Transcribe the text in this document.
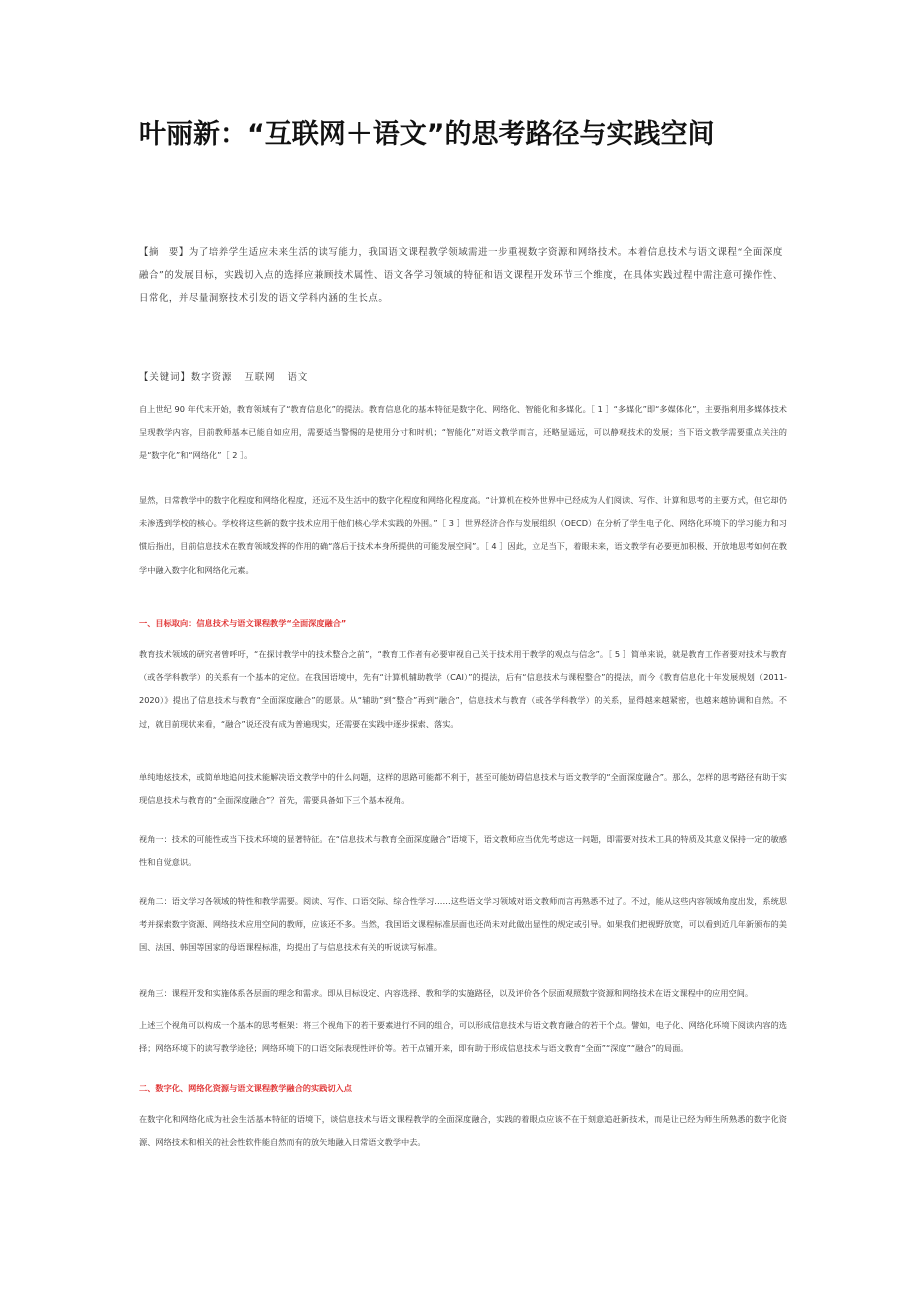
叶丽新：“互联网＋语文”的思考路径与实践空间

【摘　要】为了培养学生适应未来生活的读写能力，我国语文课程教学领域需进一步重视数字资源和网络技术。本着信息技术与语文课程“全面深度融合”的发展目标，实践切入点的选择应兼顾技术属性、语文各学习领域的特征和语文课程开发环节三个维度，在具体实践过程中需注意可操作性、日常化，并尽量洞察技术引发的语文学科内涵的生长点。

【关键词】数字资源 互联网 语文

自上世纪 90 年代末开始，教育领域有了“教育信息化”的提法。教育信息化的基本特征是数字化、网络化、智能化和多媒化。［ 1 ］“多媒化”即“多媒体化”，主要指利用多媒体技术呈现教学内容，目前教师基本已能自如应用，需要适当警惕的是使用分寸和时机；“智能化”对语文教学而言，还略显遥远，可以静观技术的发展；当下语文教学需要重点关注的是“数字化”和“网络化”［ 2 ］。

显然，日常教学中的数字化程度和网络化程度，还远不及生活中的数字化程度和网络化程度高。“计算机在校外世界中已经成为人们阅读、写作、计算和思考的主要方式，但它却仍未渗透到学校的核心。学校将这些新的数字技术应用于他们核心学术实践的外围。”［ 3 ］世界经济合作与发展组织（OECD）在分析了学生电子化、网络化环境下的学习能力和习惯后指出，目前信息技术在教育领域发挥的作用的确“落后于技术本身所提供的可能发展空间”。［ 4 ］因此，立足当下，着眼未来，语文教学有必要更加积极、开放地思考如何在教学中融入数字化和网络化元素。

一、目标取向：信息技术与语文课程教学“全面深度融合”

教育技术领域的研究者曾呼吁，“在探讨教学中的技术整合之前”，“教育工作者有必要审视自己关于技术用于教学的观点与信念”。［ 5 ］简单来说，就是教育工作者要对技术与教育（或各学科教学）的关系有一个基本的定位。在我国语境中，先有“计算机辅助教学（CAI）”的提法，后有“信息技术与课程整合”的提法，而今《教育信息化十年发展规划（2011-2020）》提出了信息技术与教育“全面深度融合”的愿景。从“辅助”到“整合”再到“融合”，信息技术与教育（或各学科教学）的关系，显得越来越紧密，也越来越协调和自然。不过，就目前现状来看，“融合”说还没有成为普遍现实，还需要在实践中逐步探索、落实。

单纯地炫技术，或简单地追问技术能解决语文教学中的什么问题，这样的思路可能都不利于，甚至可能妨碍信息技术与语文教学的“全面深度融合”。那么，怎样的思考路径有助于实现信息技术与教育的“全面深度融合”？首先，需要具备如下三个基本视角。

视角一：技术的可能性或当下技术环境的显著特征。在“信息技术与教育全面深度融合”语境下，语文教师应当优先考虑这一问题，即需要对技术工具的特质及其意义保持一定的敏感性和自觉意识。

视角二：语文学习各领域的特性和教学需要。阅读、写作、口语交际、综合性学习……这些语文学习领域对语文教师而言再熟悉不过了。不过，能从这些内容领域角度出发，系统思考并探索数字资源、网络技术应用空间的教师，应该还不多。当然，我国语文课程标准层面也还尚未对此做出显性的规定或引导。如果我们把视野放宽，可以看到近几年新颁布的美国、法国、韩国等国家的母语课程标准，均提出了与信息技术有关的听说读写标准。

视角三：课程开发和实施体系各层面的理念和需求。即从目标设定、内容选择、教和学的实施路径，以及评价各个层面观照数字资源和网络技术在语文课程中的应用空间。

上述三个视角可以构成一个基本的思考框架：将三个视角下的若干要素进行不同的组合，可以形成信息技术与语文教育融合的若干个点。譬如，电子化、网络化环境下阅读内容的选择；网络环境下的读写教学途径；网络环境下的口语交际表现性评价等。若干点铺开来，即有助于形成信息技术与语文教育“全面”“深度”“融合”的局面。

二、数字化、网络化资源与语文课程教学融合的实践切入点

在数字化和网络化成为社会生活基本特征的语境下，谈信息技术与语文课程教学的全面深度融合，实践的着眼点应该不在于刻意追赶新技术，而是让已经为师生所熟悉的数字化资源、网络技术和相关的社会性软件能自然而有的放矢地融入日常语文教学中去。
